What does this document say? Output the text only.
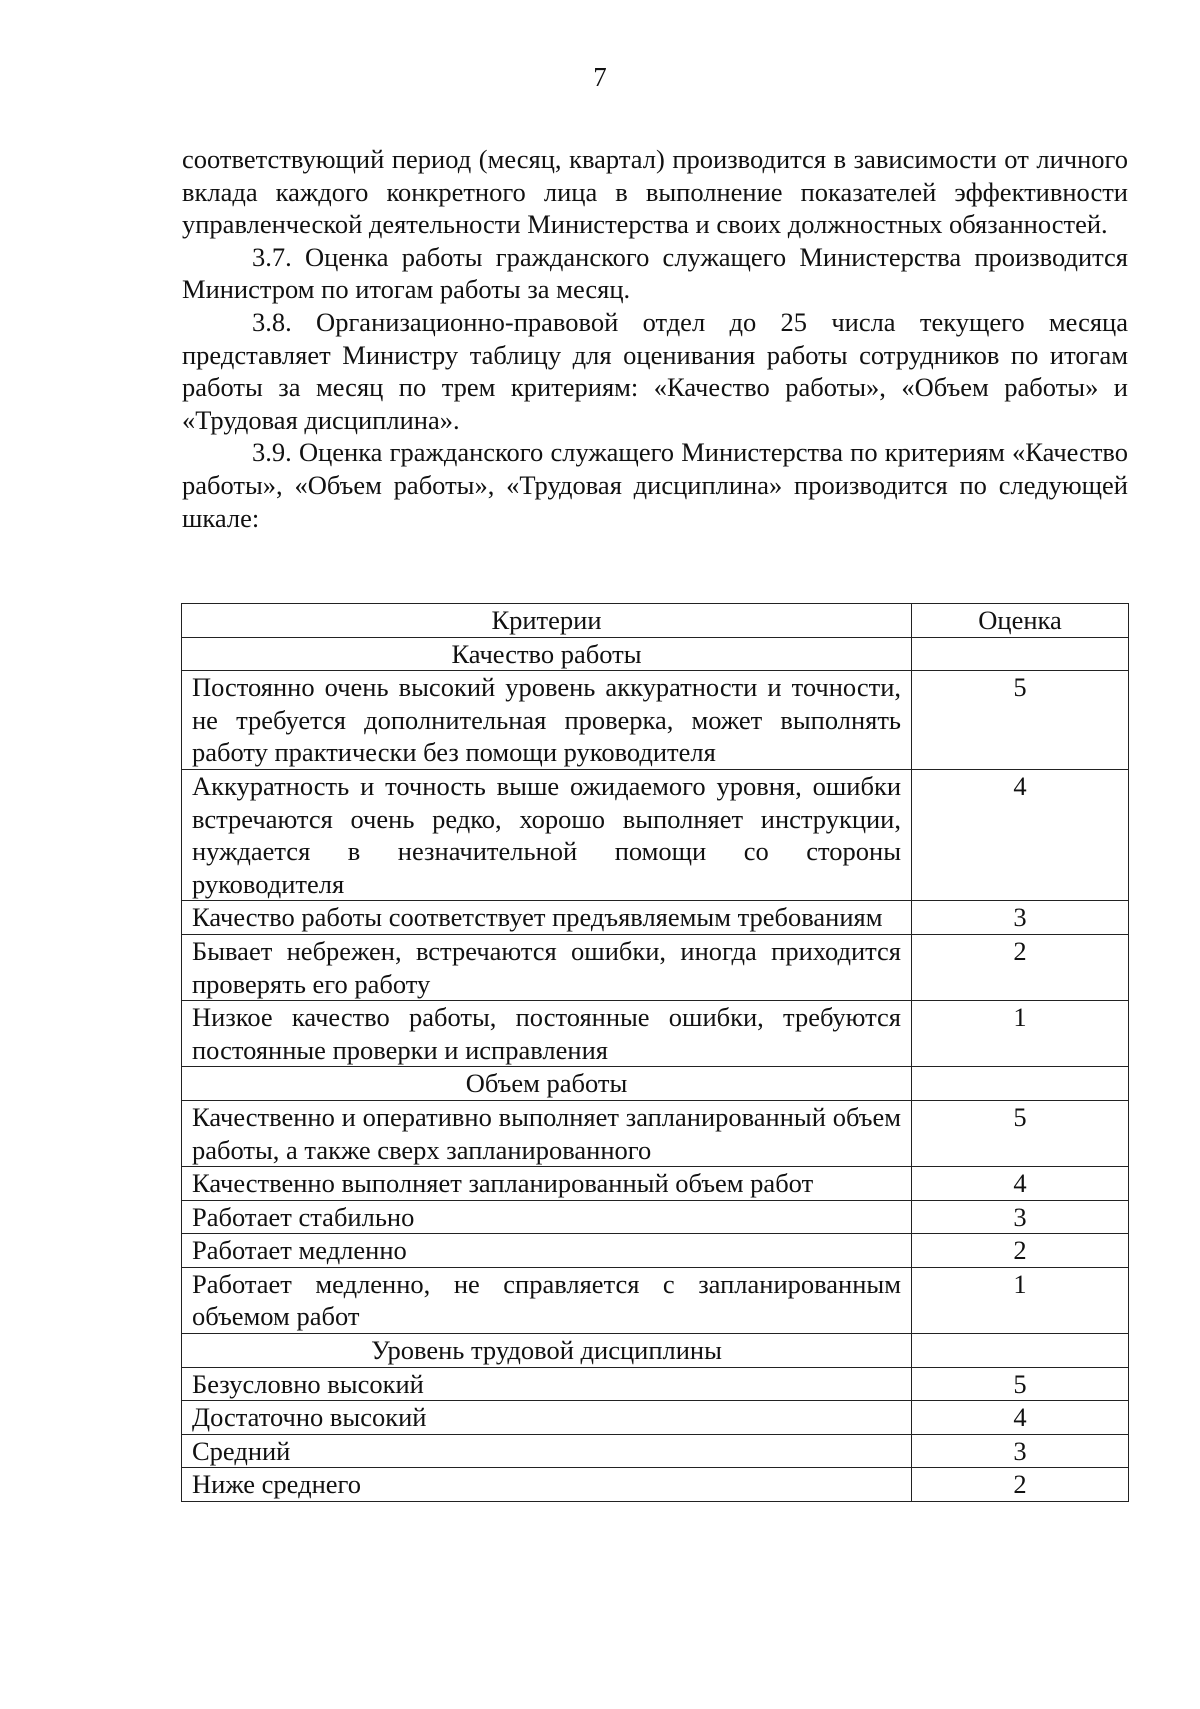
7

соответствующий период (месяц, квартал) производится в зависимости от личного вклада каждого конкретного лица в выполнение показателей эффективности управленческой деятельности Министерства и своих должностных обязанностей.

3.7. Оценка работы гражданского служащего Министерства производится Министром по итогам работы за месяц.

3.8. Организационно-правовой отдел до 25 числа текущего месяца представляет Министру таблицу для оценивания работы сотрудников по итогам работы за месяц по трем критериям: «Качество работы», «Объем работы» и «Трудовая дисциплина».

3.9. Оценка гражданского служащего Министерства по критериям «Качество работы», «Объем работы», «Трудовая дисциплина» производится по следующей шкале:

Критерии	Оценка
Качество работы	
Постоянно очень высокий уровень аккуратности и точности, не требуется дополнительная проверка, может выполнять работу практически без помощи руководителя	5
Аккуратность и точность выше ожидаемого уровня, ошибки встречаются очень редко, хорошо выполняет инструкции, нуждается в незначительной помощи со стороны руководителя	4
Качество работы соответствует предъявляемым требованиям	3
Бывает небрежен, встречаются ошибки, иногда приходится проверять его работу	2
Низкое качество работы, постоянные ошибки, требуются постоянные проверки и исправления	1
Объем работы	
Качественно и оперативно выполняет запланированный объем работы, а также сверх запланированного	5
Качественно выполняет запланированный объем работ	4
Работает стабильно	3
Работает медленно	2
Работает медленно, не справляется с запланированным объемом работ	1
Уровень трудовой дисциплины	
Безусловно высокий	5
Достаточно высокий	4
Средний	3
Ниже среднего	2
